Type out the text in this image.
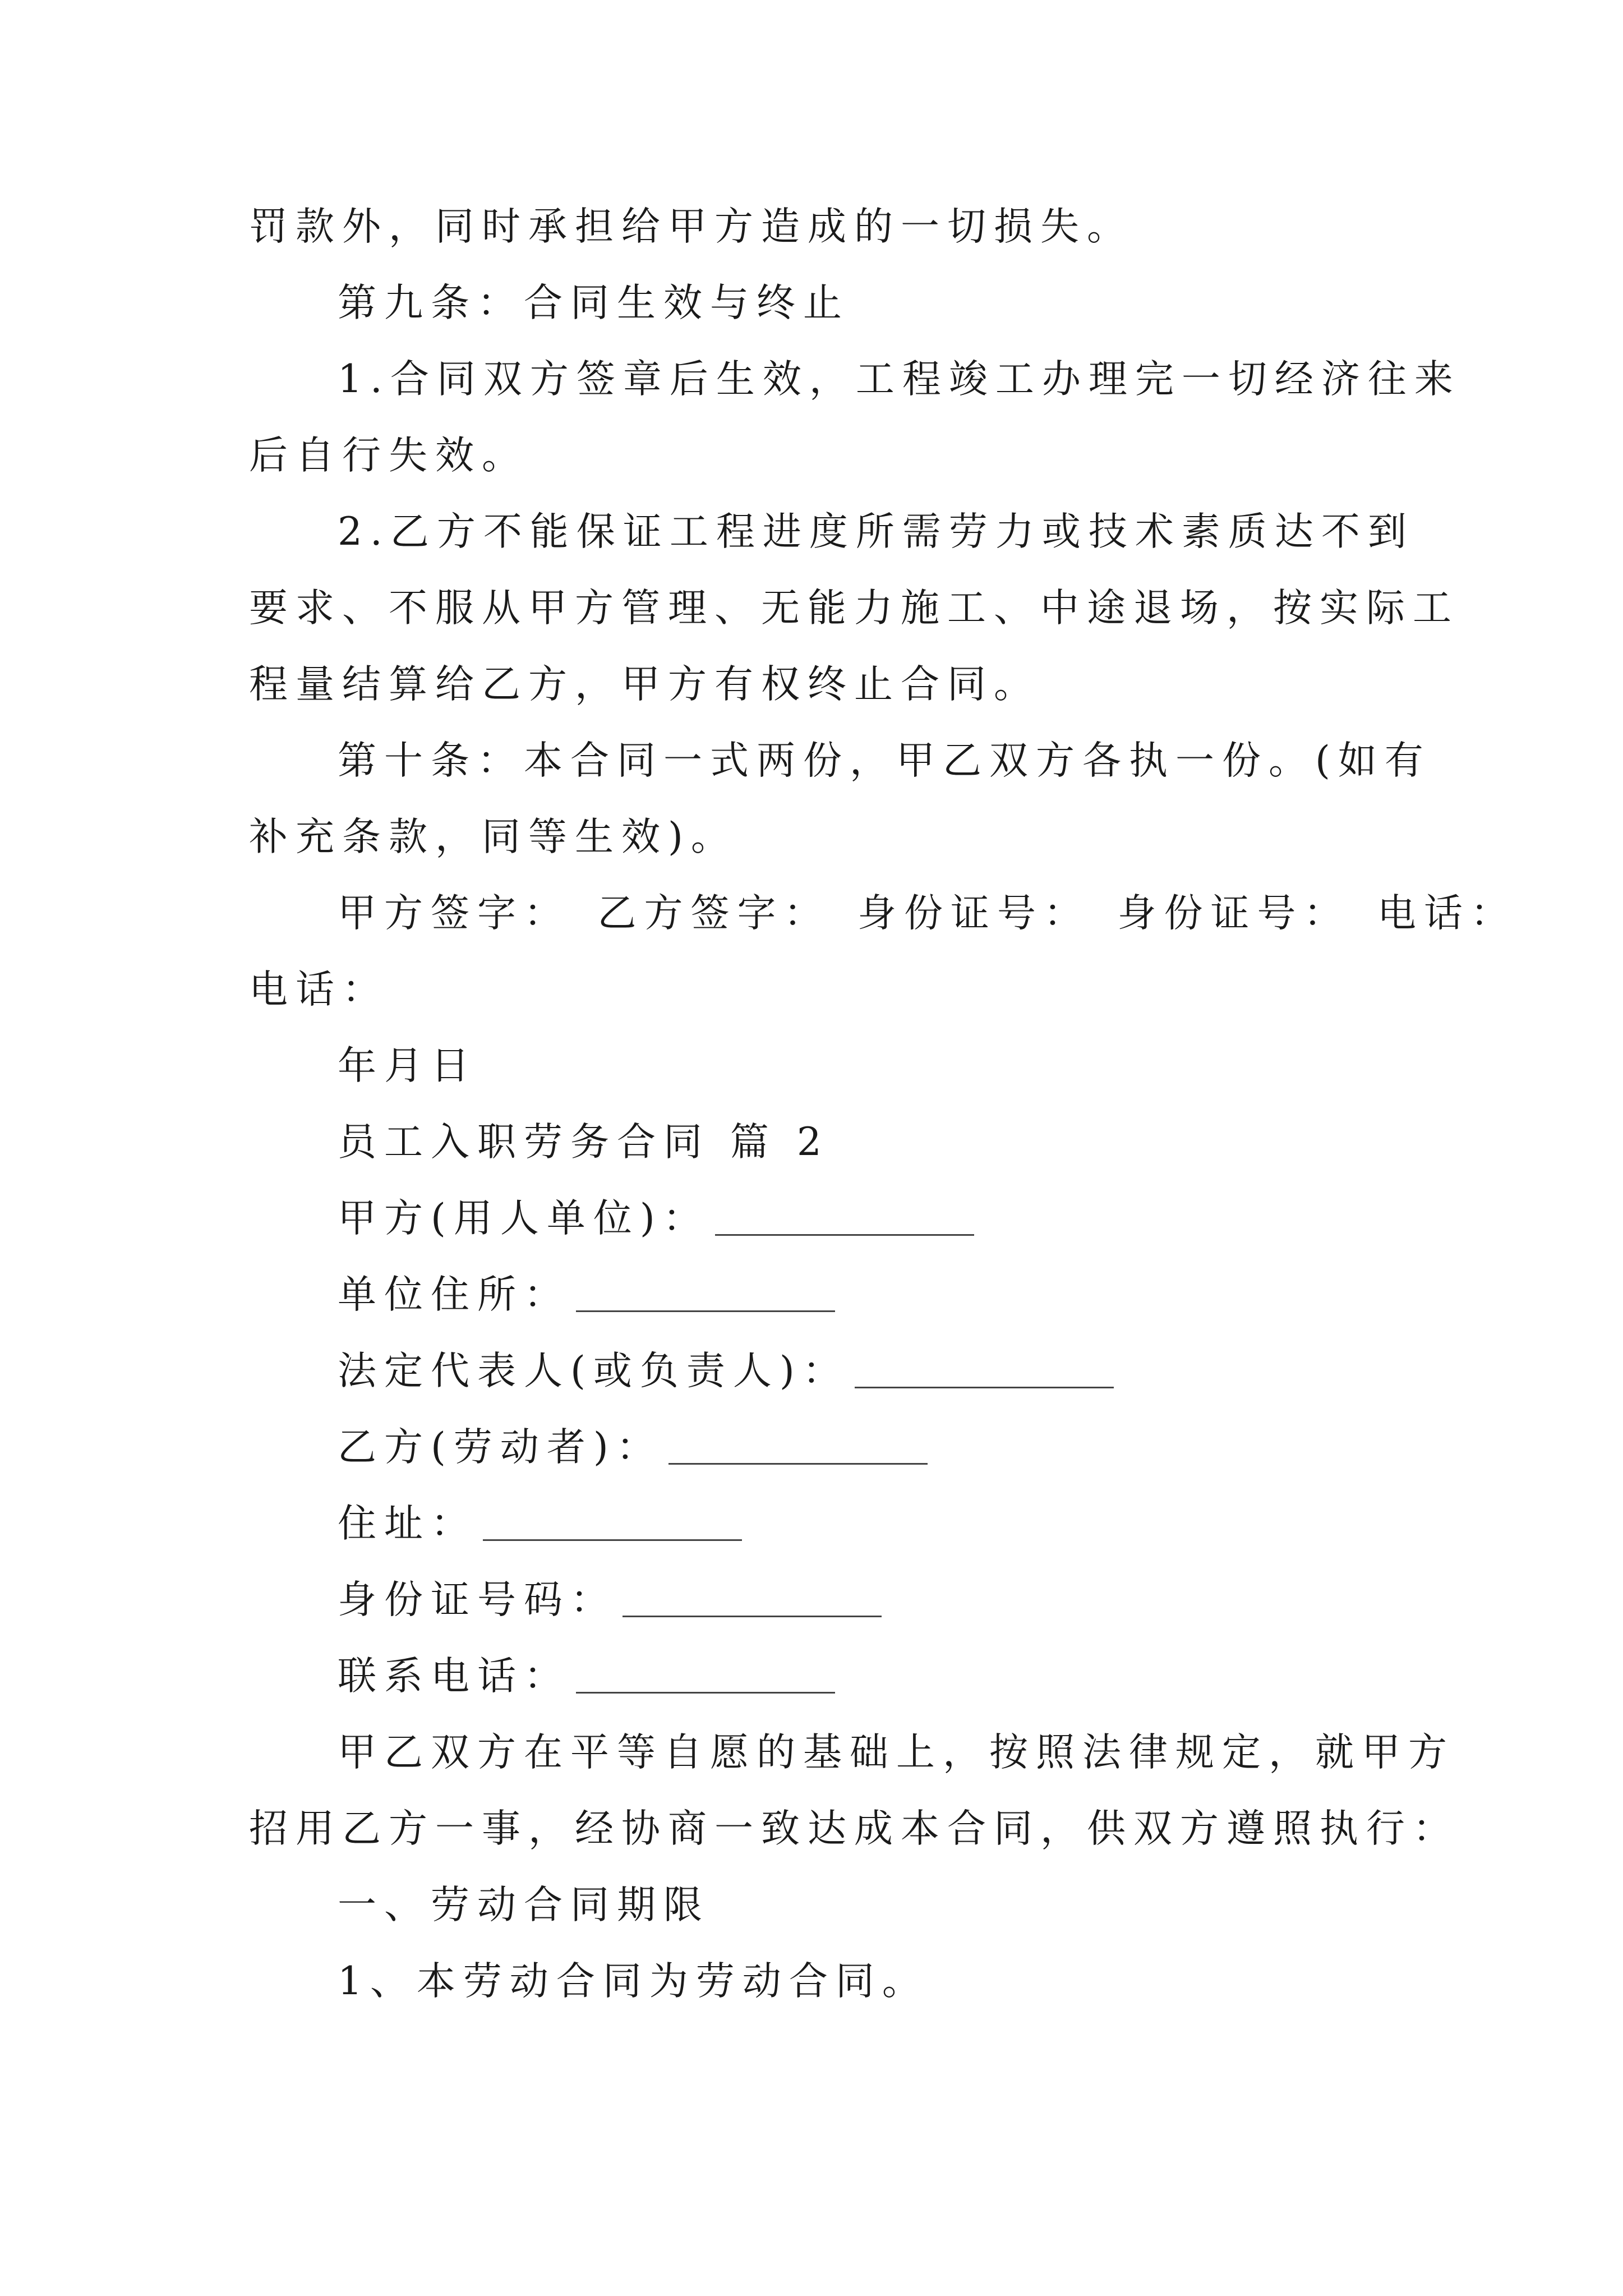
罚款外，同时承担给甲方造成的一切损失。
第九条：合同生效与终止
1.合同双方签章后生效，工程竣工办理完一切经济往来
后自行失效。
2.乙方不能保证工程进度所需劳力或技术素质达不到
要求、不服从甲方管理、无能力施工、中途退场，按实际工
程量结算给乙方，甲方有权终止合同。
第十条：本合同一式两份，甲乙双方各执一份。(如有
补充条款，同等生效)。
甲方签字：　乙方签字：　身份证号：　身份证号：　电话：
电话：
年月日
员工入职劳务合同 篇 2
甲方(用人单位)：
单位住所：
法定代表人(或负责人)：
乙方(劳动者)：
住址：
身份证号码：
联系电话：
甲乙双方在平等自愿的基础上，按照法律规定，就甲方
招用乙方一事，经协商一致达成本合同，供双方遵照执行：
一、劳动合同期限
1、本劳动合同为劳动合同。
